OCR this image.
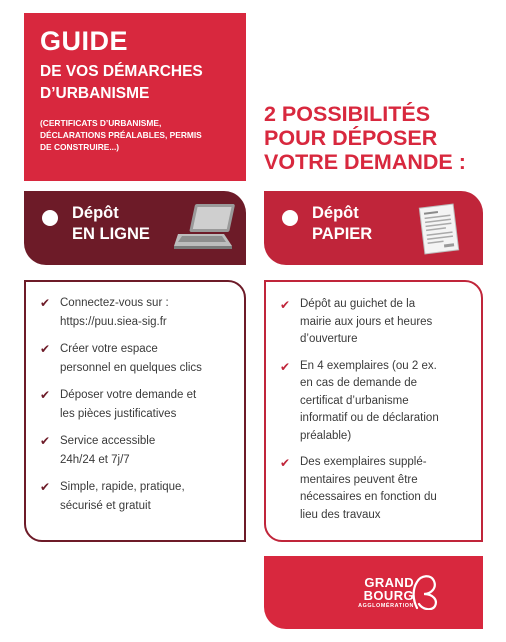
GUIDE
DE VOS DÉMARCHES
D’URBANISME
(CERTIFICATS D’URBANISME,
DÉCLARATIONS PRÉALABLES, PERMIS
DE CONSTRUIRE...)
2 POSSIBILITÉS
POUR DÉPOSER
VOTRE DEMANDE :
Dépôt
EN LIGNE
Dépôt
PAPIER
✔ Connectez-vous sur :
https://puu.siea-sig.fr
✔ Créer votre espace
personnel en quelques clics
✔ Déposer votre demande et
les pièces justificatives
✔ Service accessible
24h/24 et 7j/7
✔ Simple, rapide, pratique,
sécurisé et gratuit
✔ Dépôt au guichet de la
mairie aux jours et heures
d’ouverture
✔ En 4 exemplaires (ou 2 ex.
en cas de demande de
certificat d’urbanisme
informatif ou de déclaration
préalable)
✔ Des exemplaires supplé-
mentaires peuvent être
nécessaires en fonction du
lieu des travaux
GRAND
BOURG
AGGLOMÉRATION
